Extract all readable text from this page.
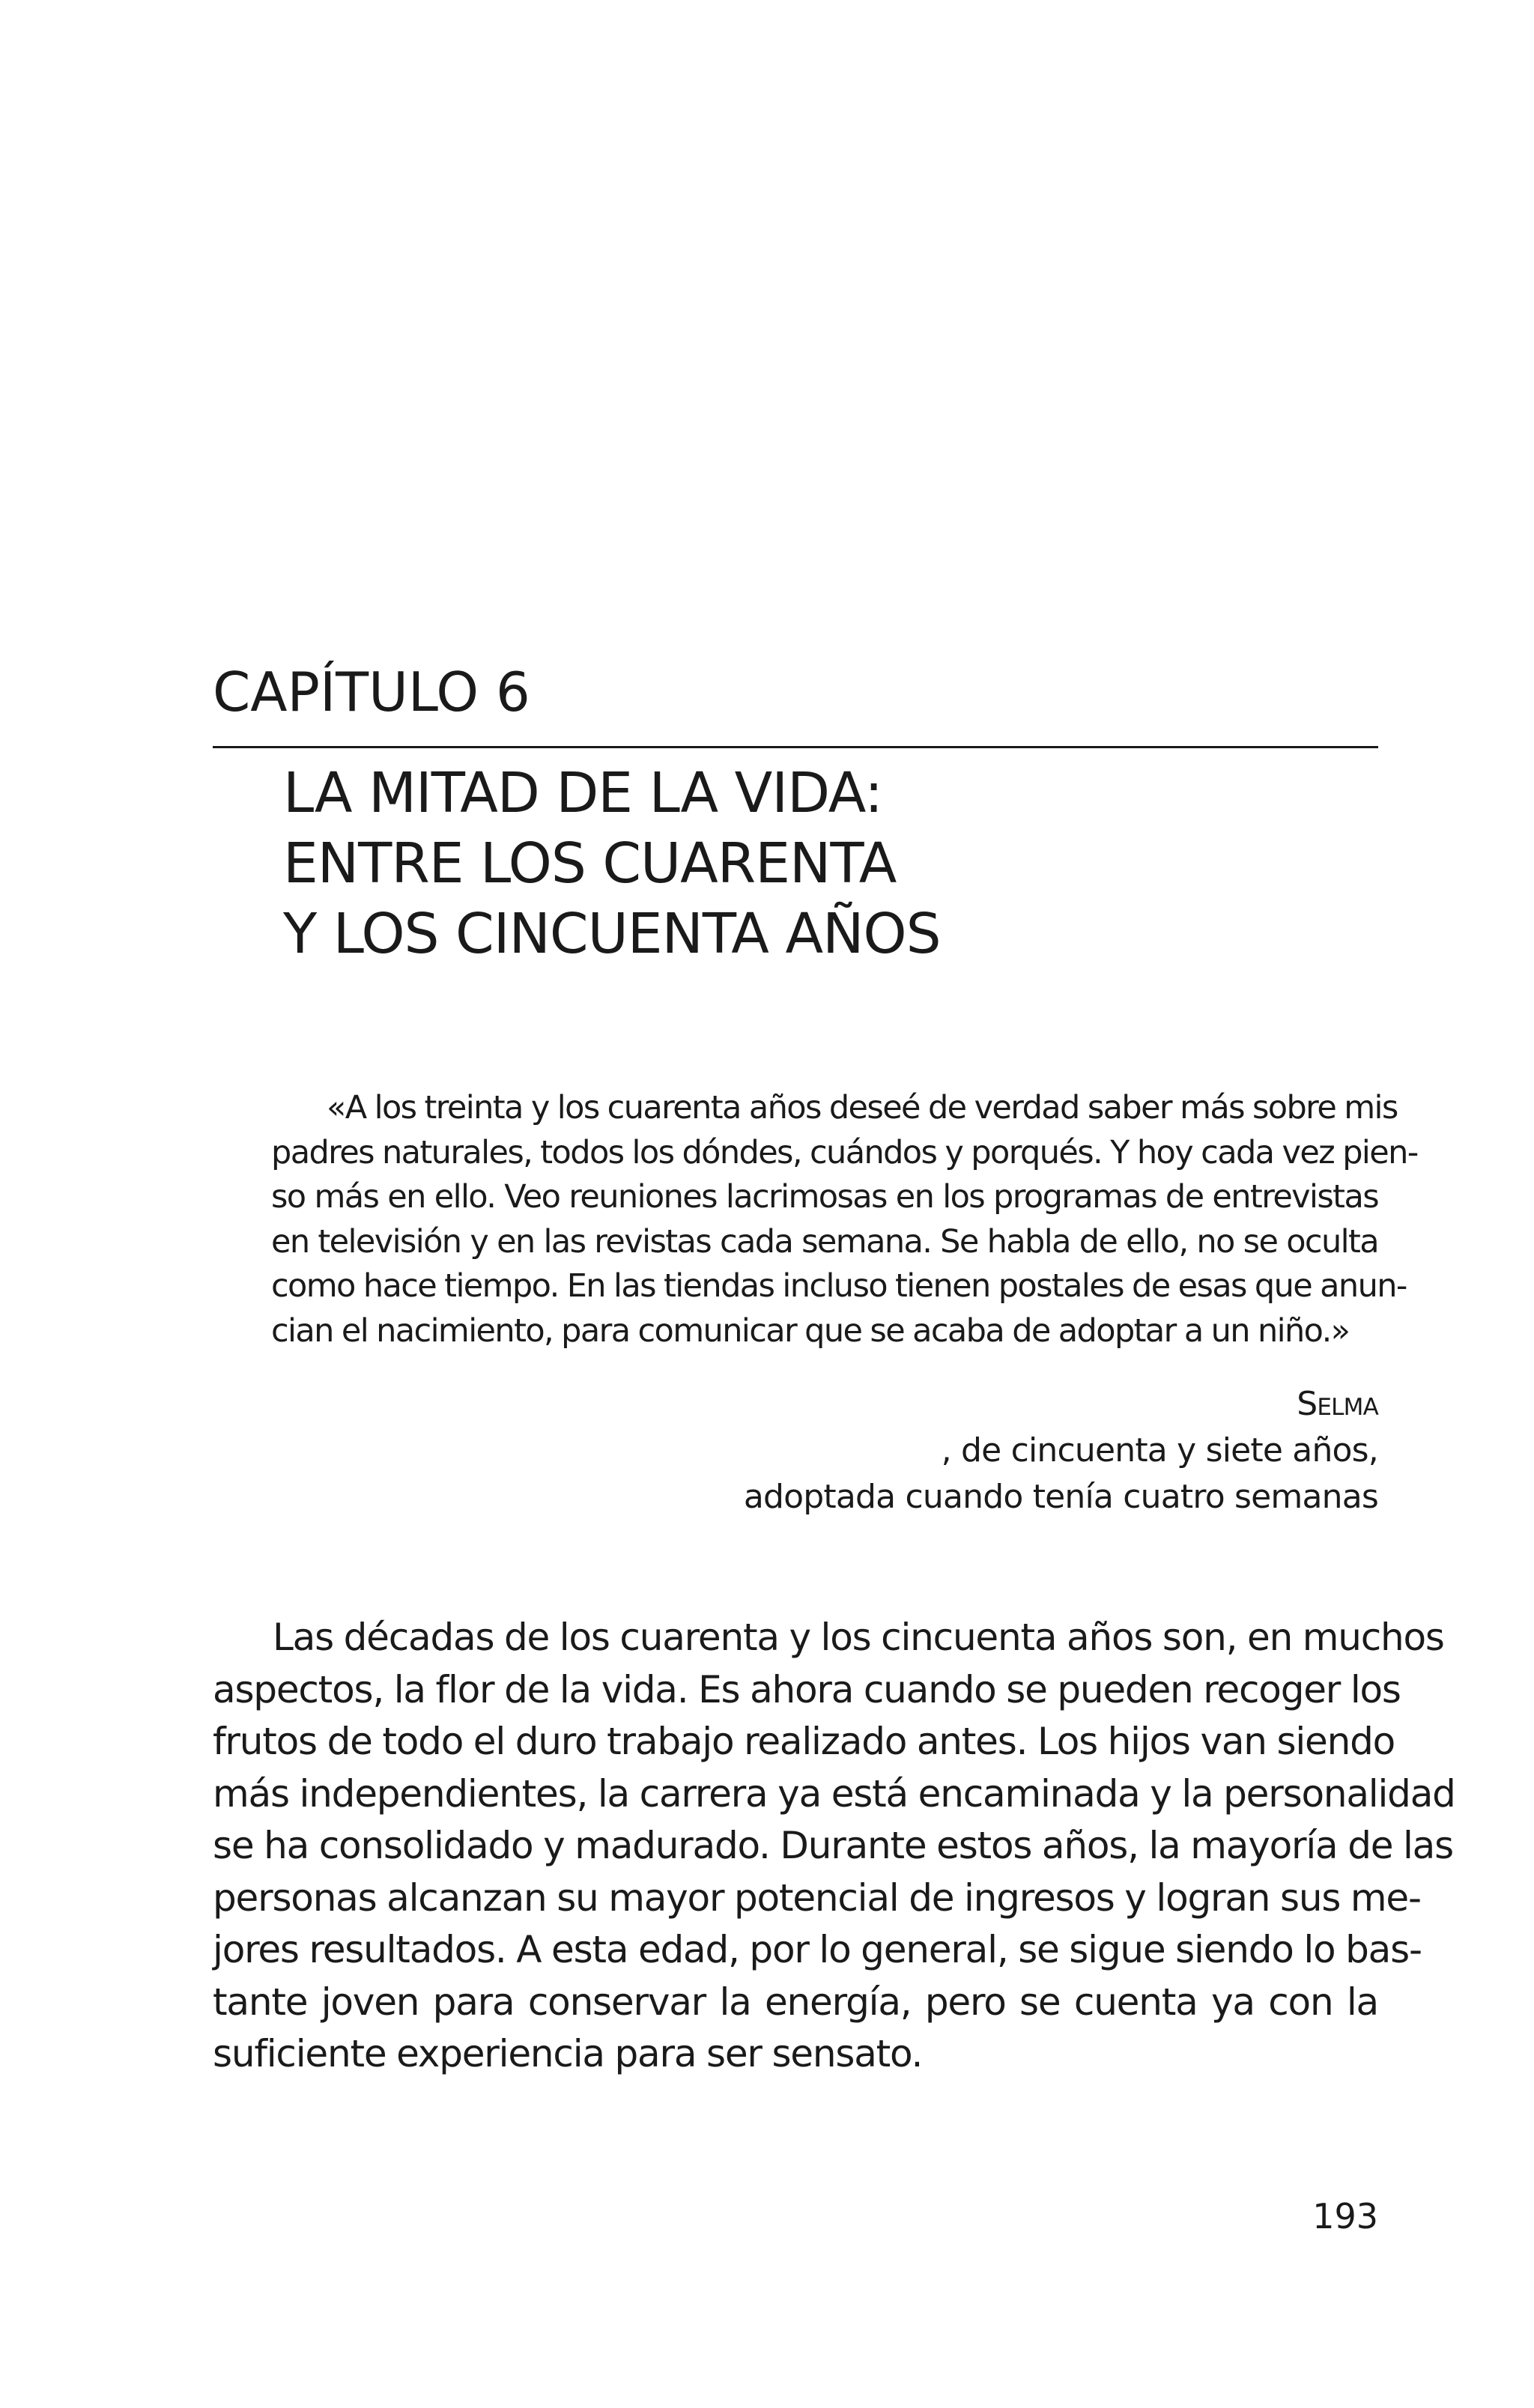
CAPÍTULO 6
LA MITAD DE LA VIDA:
ENTRE LOS CUARENTA
Y LOS CINCUENTA AÑOS
«A los treinta y los cuarenta años deseé de verdad saber más sobre mis
padres naturales, todos los dóndes, cuándos y porqués. Y hoy cada vez pien-
so más en ello. Veo reuniones lacrimosas en los programas de entrevistas
en televisión y en las revistas cada semana. Se habla de ello, no se oculta
como hace tiempo. En las tiendas incluso tienen postales de esas que anun-
cian el nacimiento, para comunicar que se acaba de adoptar a un niño.»
Selma
, de cincuenta y siete años,
adoptada cuando tenía cuatro semanas
Las décadas de los cuarenta y los cincuenta años son, en muchos
aspectos, la flor de la vida. Es ahora cuando se pueden recoger los
frutos de todo el duro trabajo realizado antes. Los hijos van siendo
más independientes, la carrera ya está encaminada y la personalidad
se ha consolidado y madurado. Durante estos años, la mayoría de las
personas alcanzan su mayor potencial de ingresos y logran sus me-
jores resultados. A esta edad, por lo general, se sigue siendo lo bas-
tante joven para conservar la energía, pero se cuenta ya con la
suficiente experiencia para ser sensato.
193
